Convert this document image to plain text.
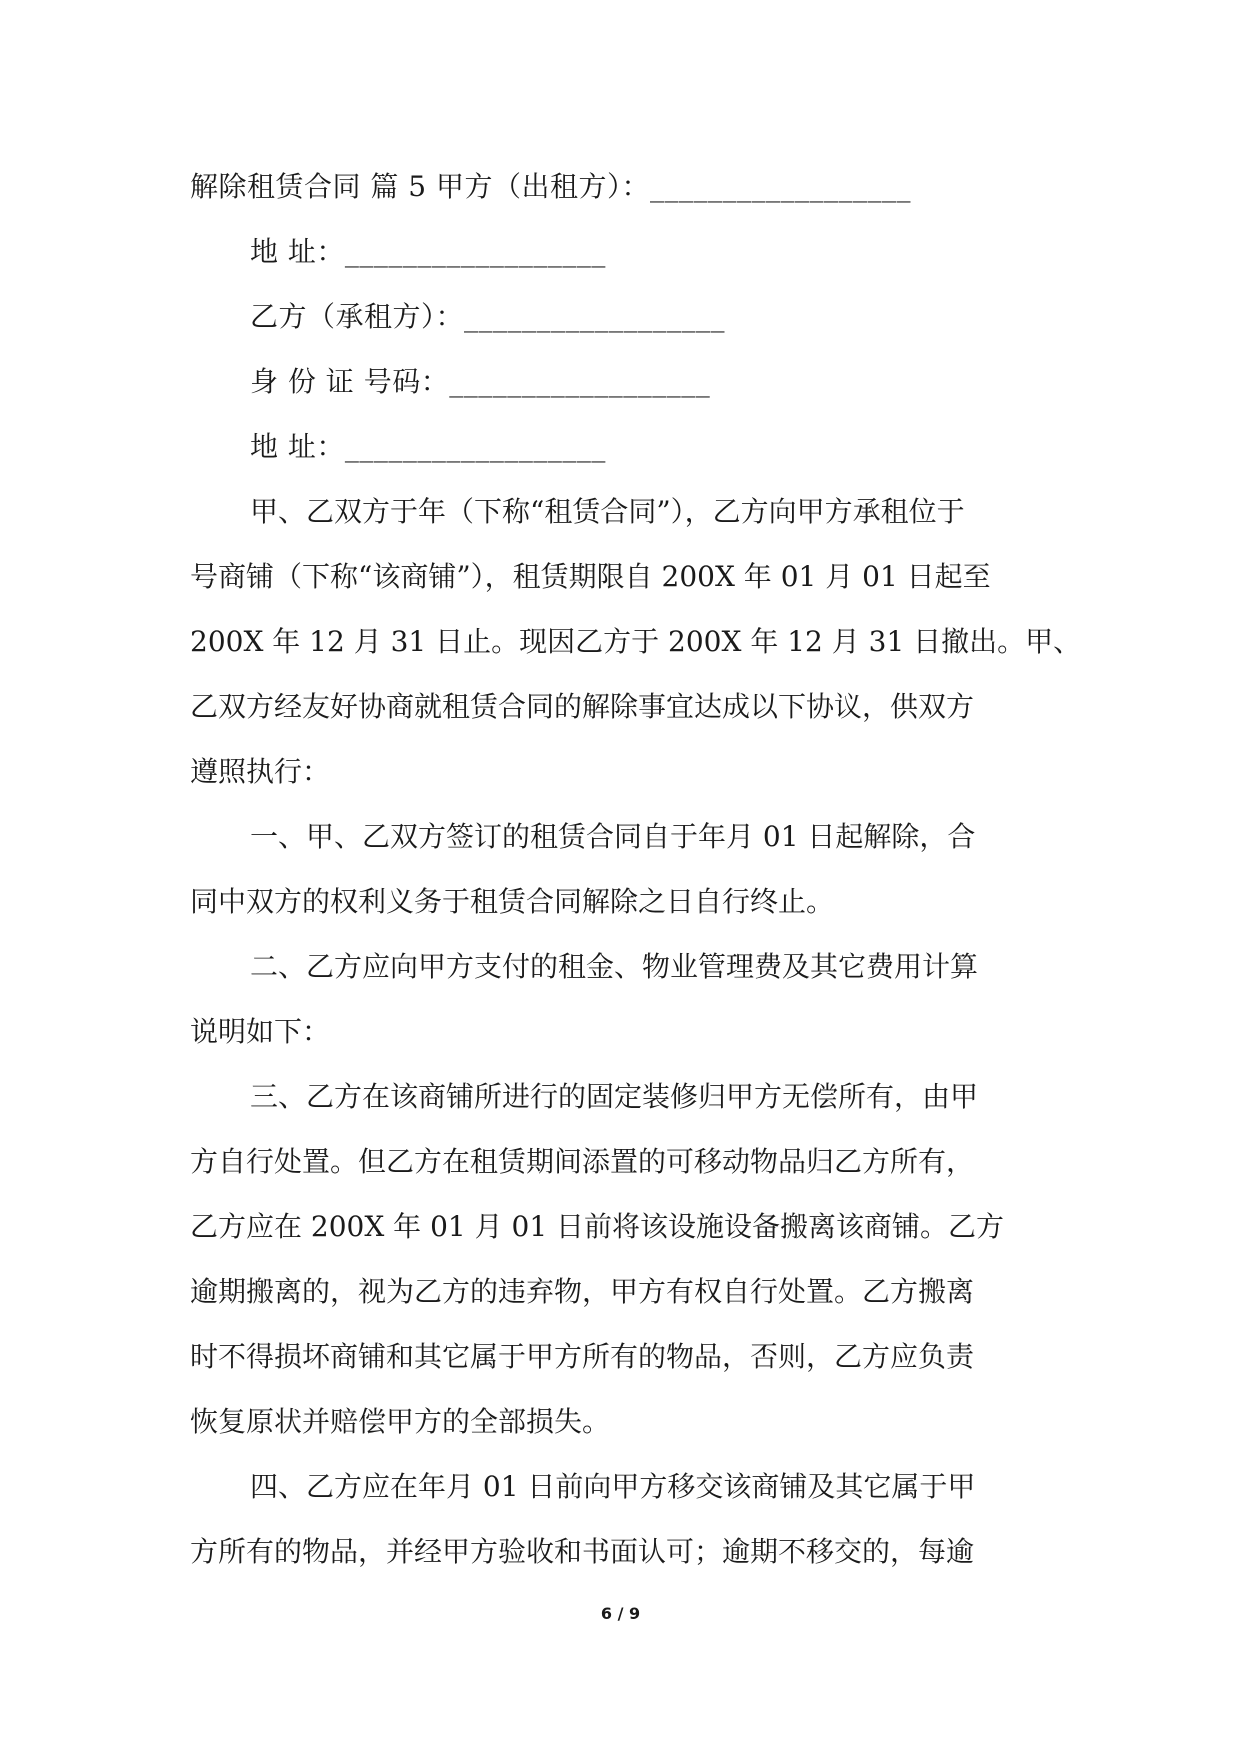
解除租赁合同 篇 5 甲方（出租方）：__________________
地 址：__________________
乙方（承租方）：__________________
身 份 证 号码：__________________
地 址：__________________
甲、乙双方于年（下称“租赁合同”），乙方向甲方承租位于
号商铺（下称“该商铺”），租赁期限自 200X 年 01 月 01 日起至
200X 年 12 月 31 日止。现因乙方于 200X 年 12 月 31 日撤出。甲、
乙双方经友好协商就租赁合同的解除事宜达成以下协议，供双方
遵照执行：
一、甲、乙双方签订的租赁合同自于年月 01 日起解除，合
同中双方的权利义务于租赁合同解除之日自行终止。
二、乙方应向甲方支付的租金、物业管理费及其它费用计算
说明如下：
三、乙方在该商铺所进行的固定装修归甲方无偿所有，由甲
方自行处置。但乙方在租赁期间添置的可移动物品归乙方所有，
乙方应在 200X 年 01 月 01 日前将该设施设备搬离该商铺。乙方
逾期搬离的，视为乙方的违弃物，甲方有权自行处置。乙方搬离
时不得损坏商铺和其它属于甲方所有的物品，否则，乙方应负责
恢复原状并赔偿甲方的全部损失。
四、乙方应在年月 01 日前向甲方移交该商铺及其它属于甲
方所有的物品，并经甲方验收和书面认可；逾期不移交的，每逾
6 / 9
